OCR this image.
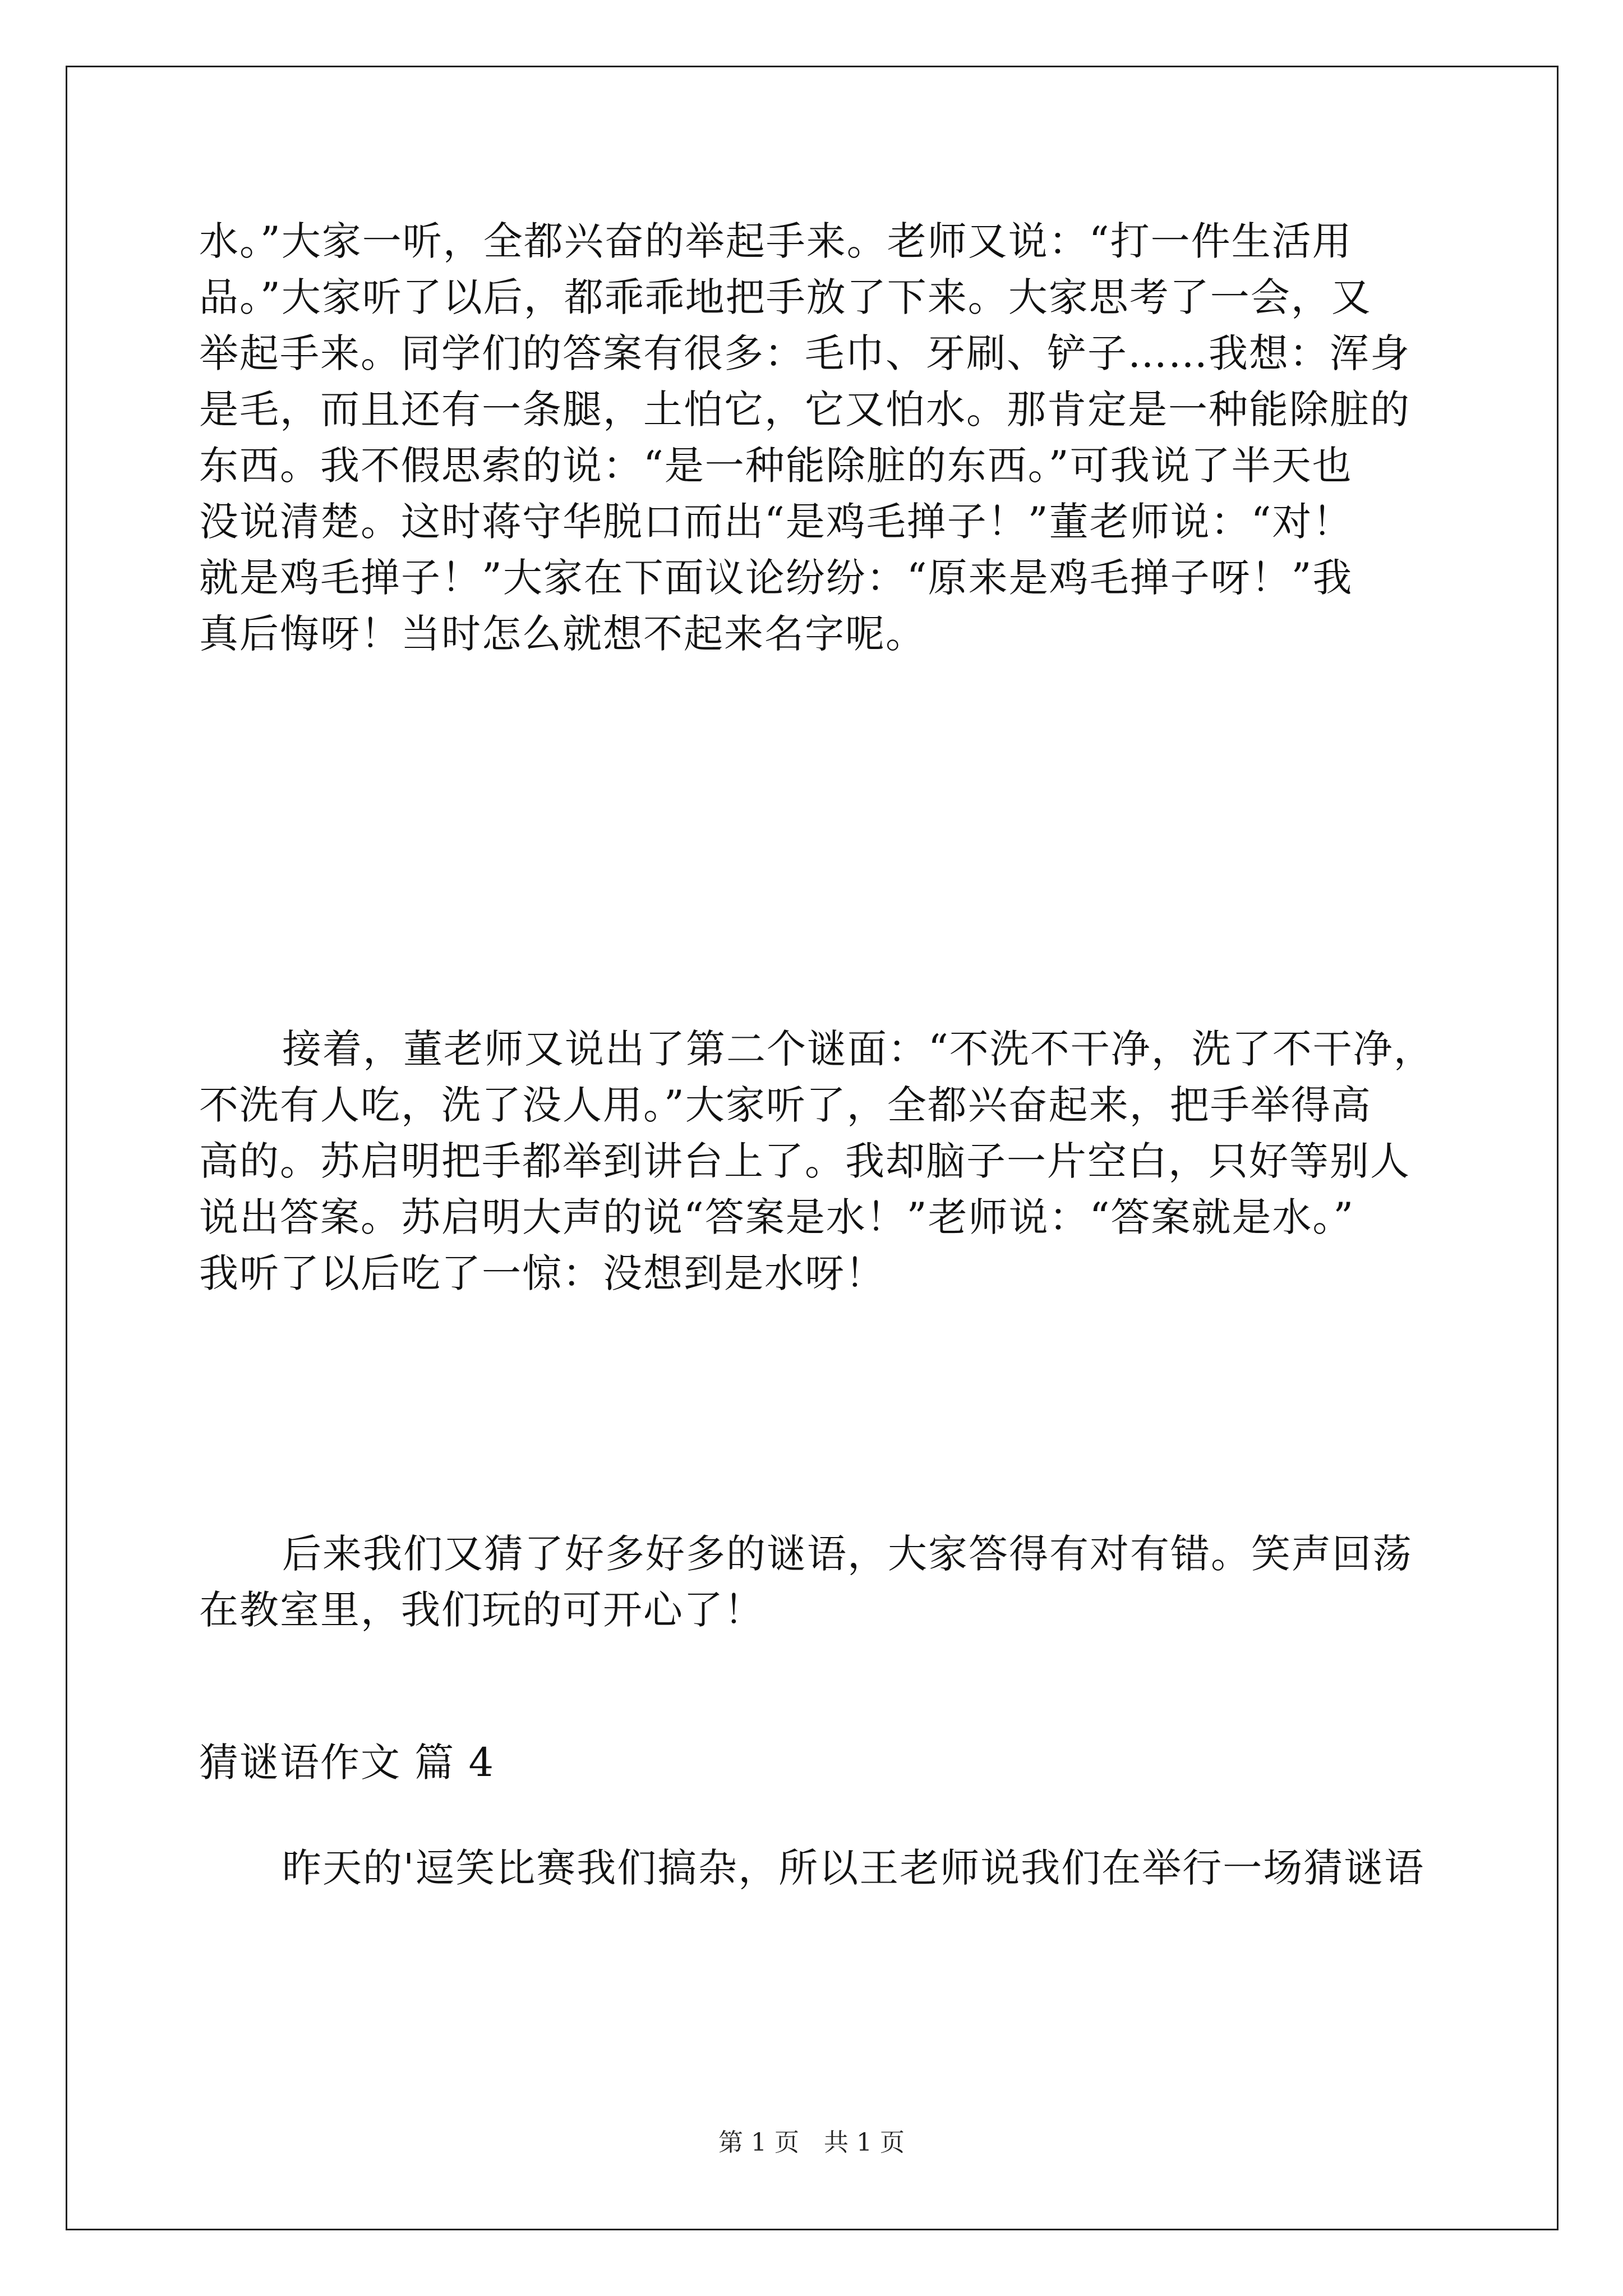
水。”大家一听，全都兴奋的举起手来。老师又说：“打一件生活用
品。”大家听了以后，都乖乖地把手放了下来。大家思考了一会，又
举起手来。同学们的答案有很多：毛巾、牙刷、铲子……我想：浑身
是毛，而且还有一条腿，土怕它，它又怕水。那肯定是一种能除脏的
东西。我不假思索的说：“是一种能除脏的东西。”可我说了半天也
没说清楚。这时蒋守华脱口而出“是鸡毛掸子！”董老师说：“对！
就是鸡毛掸子！”大家在下面议论纷纷：“原来是鸡毛掸子呀！”我
真后悔呀！当时怎么就想不起来名字呢。
接着，董老师又说出了第二个谜面：“不洗不干净，洗了不干净，
不洗有人吃，洗了没人用。”大家听了，全都兴奋起来，把手举得高
高的。苏启明把手都举到讲台上了。我却脑子一片空白，只好等别人
说出答案。苏启明大声的说“答案是水！”老师说：“答案就是水。”
我听了以后吃了一惊：没想到是水呀！
后来我们又猜了好多好多的谜语，大家答得有对有错。笑声回荡
在教室里，我们玩的可开心了！
猜谜语作文 篇 4
昨天的'逗笑比赛我们搞杂，所以王老师说我们在举行一场猜谜语
第 1 页　共 1 页
